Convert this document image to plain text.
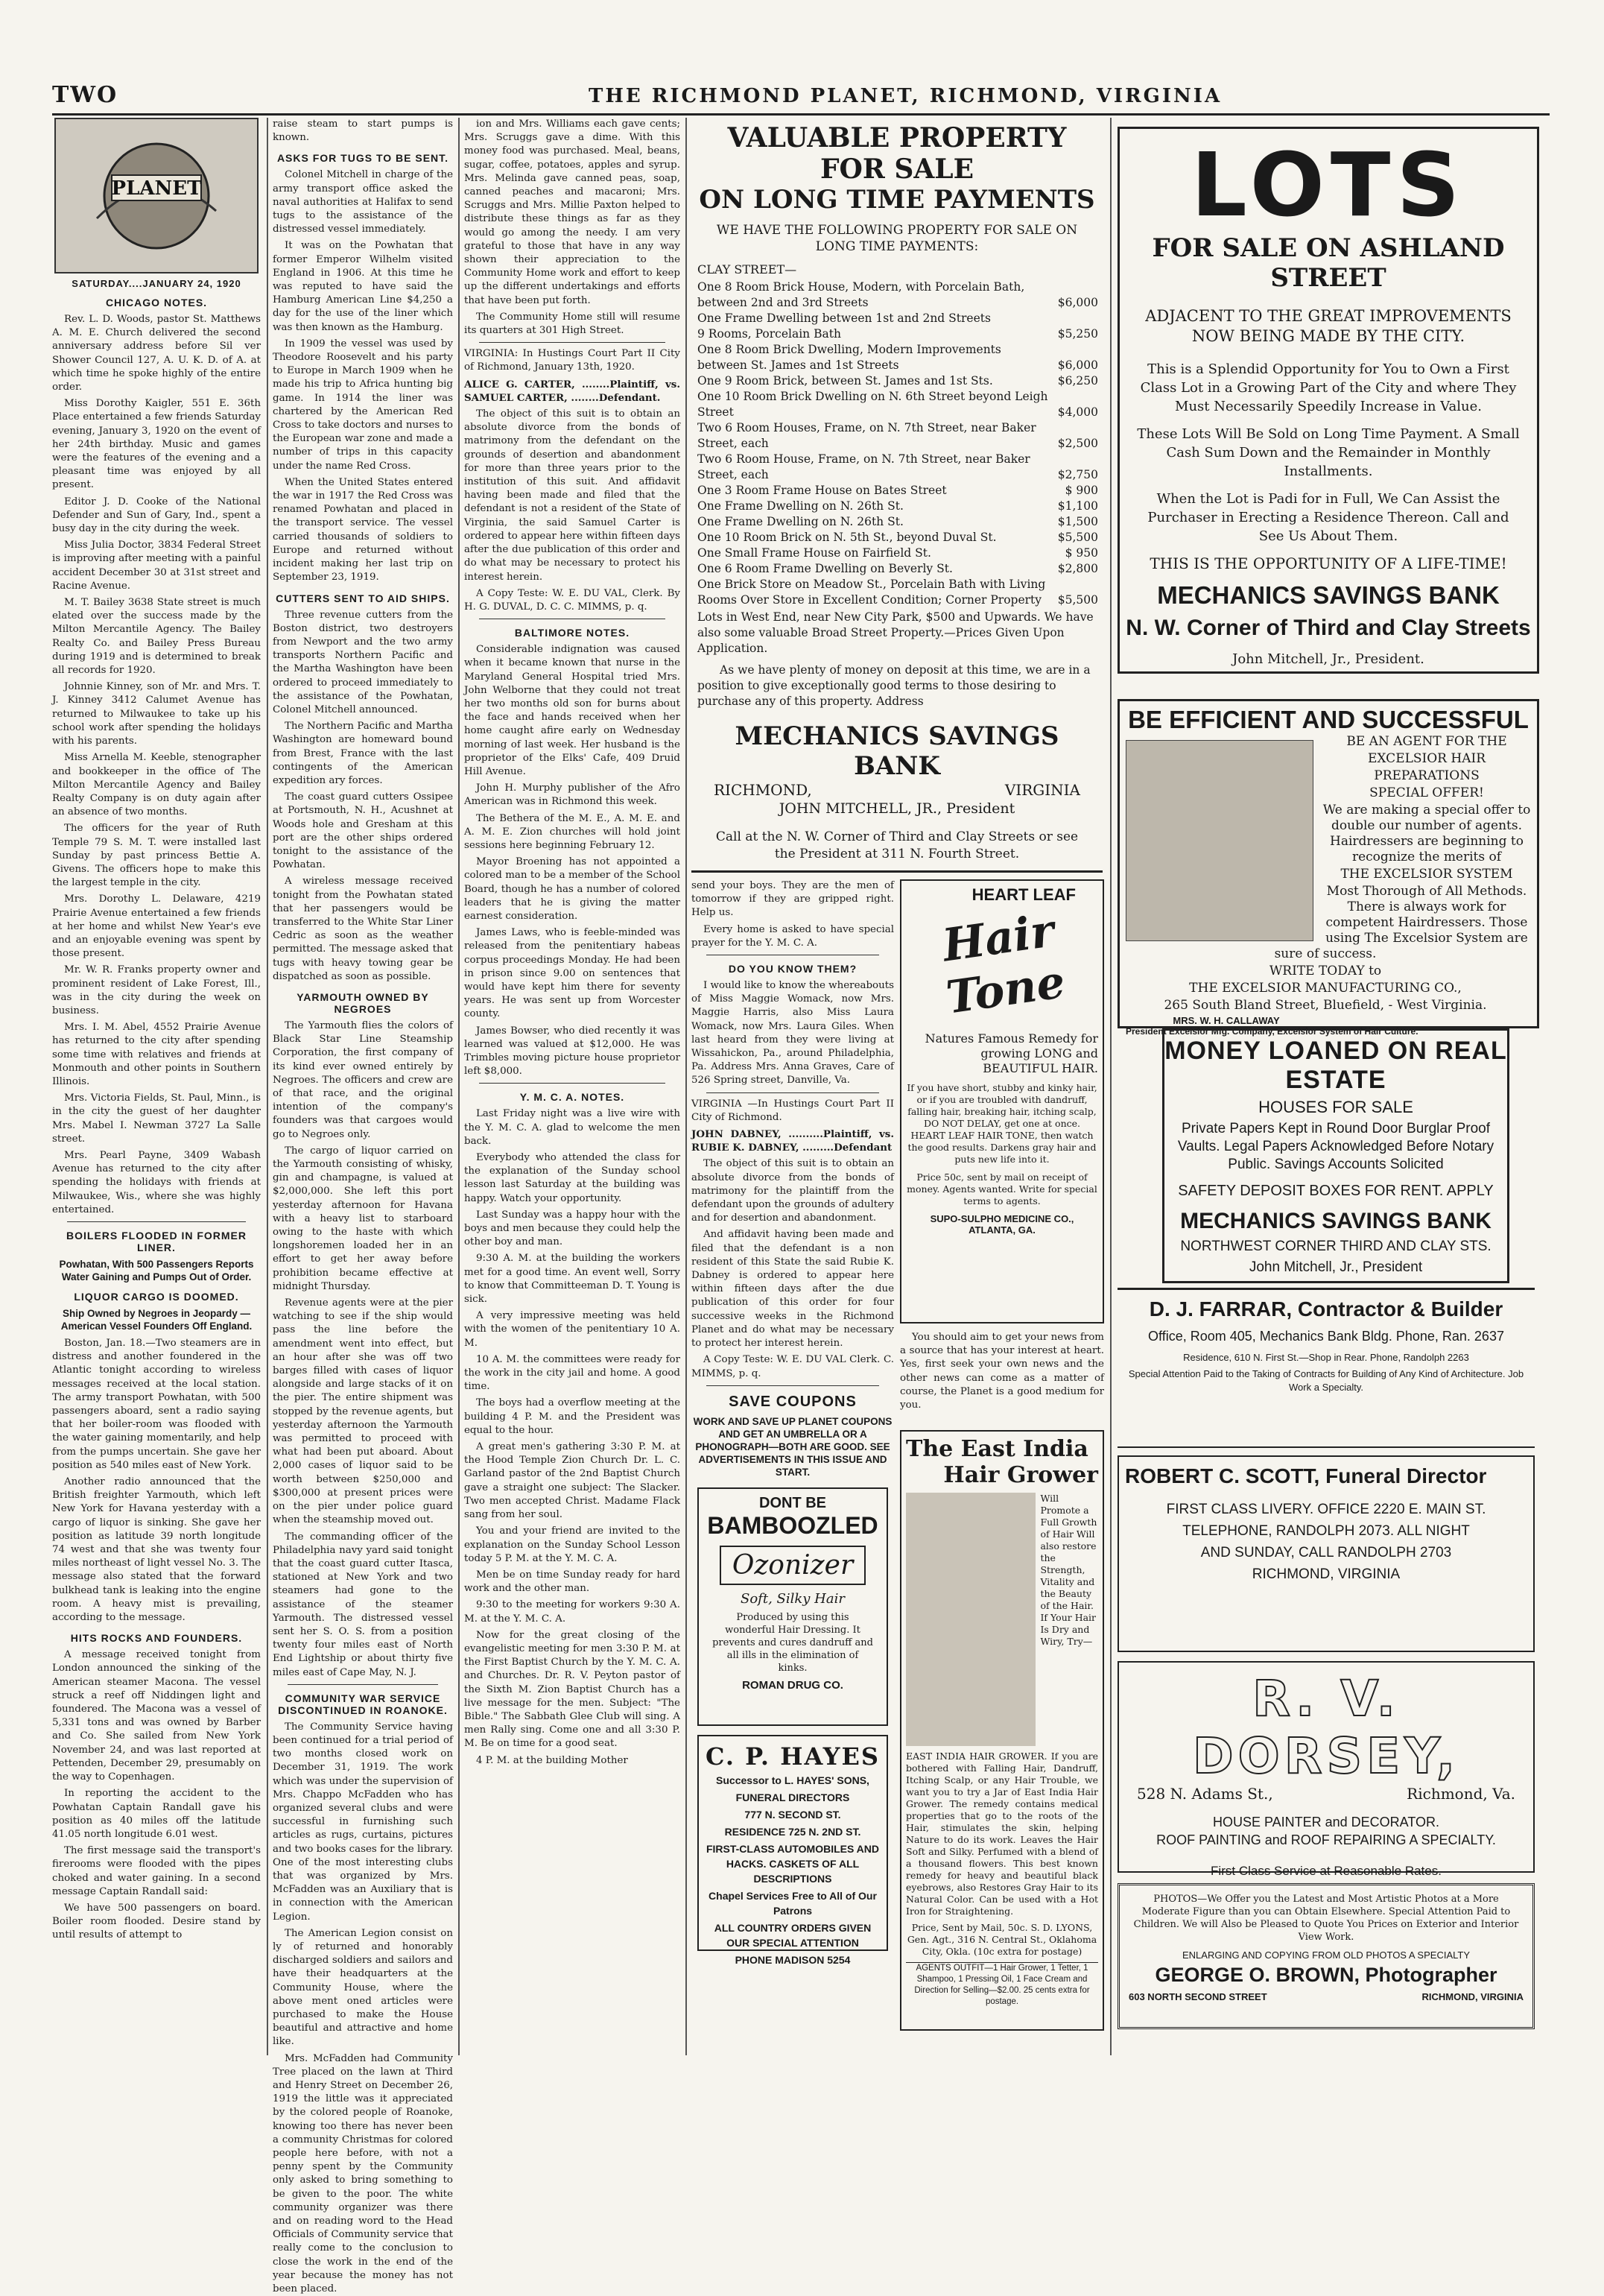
TWO	THE RICHMOND PLANET, RICHMOND, VIRGINIA
PLANET
SATURDAY....JANUARY 24, 1920
CHICAGO NOTES.

Rev. L. D. Woods, pastor St. Matthews A. M. E. Church delivered the second anniversary address before Sil ver Shower Council 127, A. U. K. D. of A. at which time he spoke highly of the entire order.

Miss Dorothy Kaigler, 551 E. 36th Place entertained a few friends Saturday evening, January 3, 1920 on the event of her 24th birthday. Music and games were the features of the evening and a pleasant time was enjoyed by all present.

Editor J. D. Cooke of the National Defender and Sun of Gary, Ind., spent a busy day in the city during the week.

Miss Julia Doctor, 3834 Federal Street is improving after meeting with a painful accident December 30 at 31st street and Racine Avenue.

M. T. Bailey 3638 State street is much elated over the success made by the Milton Mercantile Agency. The Bailey Realty Co. and Bailey Press Bureau during 1919 and is determined to break all records for 1920.

Johnnie Kinney, son of Mr. and Mrs. T. J. Kinney 3412 Calumet Avenue has returned to Milwaukee to take up his school work after spending the holidays with his parents.

Miss Arnella M. Keeble, stenographer and bookkeeper in the office of The Milton Mercantile Agency and Bailey Realty Company is on duty again after an absence of two months.

The officers for the year of Ruth Temple 79 S. M. T. were installed last Sunday by past princess Bettie A. Givens. The officers hope to make this the largest temple in the city.

Mrs. Dorothy L. Delaware, 4219 Prairie Avenue entertained a few friends at her home and whilst New Year's eve and an enjoyable evening was spent by those present.

Mr. W. R. Franks property owner and prominent resident of Lake Forest, Ill., was in the city during the week on business.

Mrs. I. M. Abel, 4552 Prairie Avenue has returned to the city after spending some time with relatives and friends at Monmouth and other points in Southern Illinois.

Mrs. Victoria Fields, St. Paul, Minn., is in the city the guest of her daughter Mrs. Mabel I. Newman 3727 La Salle street.

Mrs. Pearl Payne, 3409 Wabash Avenue has returned to the city after spending the holidays with friends at Milwaukee, Wis., where she was highly entertained.

BOILERS FLOODED IN FORMER LINER.
Powhatan, With 500 Passengers Reports Water Gaining and Pumps Out of Order.
LIQUOR CARGO IS DOOMED.
Ship Owned by Negroes in Jeopardy —American Vessel Founders Off England.

Boston, Jan. 18.—Two steamers are in distress and another foundered in the Atlantic tonight according to wireless messages received at the local station. The army transport Powhatan, with 500 passengers aboard, sent a radio saying that her boiler-room was flooded with the water gaining momentarily, and help from the pumps uncertain. She gave her position as 540 miles east of New York.

Another radio announced that the British freighter Yarmouth, which left New York for Havana yesterday with a cargo of liquor is sinking. She gave her position as latitude 39 north longitude 74 west and that she was twenty four miles northeast of light vessel No. 3. The message also stated that the forward bulkhead tank is leaking into the engine room. A heavy mist is prevailing, according to the message.

HITS ROCKS AND FOUNDERS.

A message received tonight from London announced the sinking of the American steamer Macona. The vessel struck a reef off Niddingen light and foundered. The Macona was a vessel of 5,331 tons and was owned by Barber and Co. She sailed from New York November 24, and was last reported at Pettenden, December 29, presumably on the way to Copenhagen.

In reporting the accident to the Powhatan Captain Randall gave his position as 40 miles off the latitude 41.05 north longitude 6.01 west.

The first message said the transport's firerooms were flooded with the pipes choked and water gaining. In a second message Captain Randall said:

We have 500 passengers on board. Boiler room flooded. Desire stand by until results of attempt to

raise steam to start pumps is known.

ASKS FOR TUGS TO BE SENT.

Colonel Mitchell in charge of the army transport office asked the naval authorities at Halifax to send tugs to the assistance of the distressed vessel immediately.

It was on the Powhatan that former Emperor Wilhelm visited England in 1906. At this time he was reputed to have said the Hamburg American Line $4,250 a day for the use of the liner which was then known as the Hamburg.

In 1909 the vessel was used by Theodore Roosevelt and his party to Europe in March 1909 when he made his trip to Africa hunting big game. In 1914 the liner was chartered by the American Red Cross to take doctors and nurses to the European war zone and made a number of trips in this capacity under the name Red Cross.

When the United States entered the war in 1917 the Red Cross was renamed Powhatan and placed in the transport service. The vessel carried thousands of soldiers to Europe and returned without incident making her last trip on September 23, 1919.

CUTTERS SENT TO AID SHIPS.

Three revenue cutters from the Boston district, two destroyers from Newport and the two army transports Northern Pacific and the Martha Washington have been ordered to proceed immediately to the assistance of the Powhatan, Colonel Mitchell announced.

The Northern Pacific and Martha Washington are homeward bound from Brest, France with the last contingents of the American expedition ary forces.

The coast guard cutters Ossipee at Portsmouth, N. H., Acushnet at Woods hole and Gresham at this port are the other ships ordered tonight to the assistance of the Powhatan.

A wireless message received tonight from the Powhatan stated that her passengers would be transferred to the White Star Liner Cedric as soon as the weather permitted. The message asked that tugs with heavy towing gear be dispatched as soon as possible.

YARMOUTH OWNED BY NEGROES

The Yarmouth flies the colors of Black Star Line Steamship Corporation, the first company of its kind ever owned entirely by Negroes. The officers and crew are of that race, and the original intention of the company's founders was that cargoes would go to Negroes only.

The cargo of liquor carried on the Yarmouth consisting of whisky, gin and champagne, is valued at $2,000,000. She left this port yesterday afternoon for Havana with a heavy list to starboard owing to the haste with which longshoremen loaded her in an effort to get her away before prohibition became effective at midnight Thursday.

Revenue agents were at the pier watching to see if the ship would pass the line before the amendment went into effect, but an hour after she was off two barges filled with cases of liquor alongside and large stacks of it on the pier. The entire shipment was stopped by the revenue agents, but yesterday afternoon the Yarmouth was permitted to proceed with what had been put aboard. About 2,000 cases of liquor said to be worth between $250,000 and $300,000 at present prices were on the pier under police guard when the steamship moved out.

The commanding officer of the Philadelphia navy yard said tonight that the coast guard cutter Itasca, stationed at New York and two steamers had gone to the assistance of the steamer Yarmouth. The distressed vessel sent her S. O. S. from a position twenty four miles east of North End Lightship or about thirty five miles east of Cape May, N. J.

COMMUNITY WAR SERVICE DISCONTINUED IN ROANOKE.

The Community Service having been continued for a trial period of two months closed work on December 31, 1919. The work which was under the supervision of Mrs. Chappo McFadden who has organized several clubs and were successful in furnishing such articles as rugs, curtains, pictures and two books cases for the library. One of the most interesting clubs that was organized by Mrs. McFadden was an Auxiliary that is in connection with the American Legion.

The American Legion consist on ly of returned and honorably discharged soldiers and sailors and have their headquarters at the Community House, where the above ment oned articles were purchased to make the House beautiful and attractive and home like.

Mrs. McFadden had Community Tree placed on the lawn at Third and Henry Street on December 26, 1919 the little was it appreciated by the colored people of Roanoke, knowing too there has never been a community Christmas for colored people here before, with not a penny spent by the Community only asked to bring something to be given to the poor. The white community organizer was there and on reading word to the Head Officials of Community service that really come to the conclusion to close the work in the end of the year because the money has not been placed.

ion and Mrs. Williams each gave cents; Mrs. Scruggs gave a dime. With this money food was purchased. Meal, beans, sugar, coffee, potatoes, apples and syrup. Mrs. Melinda gave canned peas, soap, canned peaches and macaroni; Mrs. Scruggs and Mrs. Millie Paxton helped to distribute these things as far as they would go among the needy. I am very grateful to those that have in any way shown their appreciation to the Community Home work and effort to keep up the different undertakings and efforts that have been put forth.

The Community Home still will resume its quarters at 301 High Street.

VIRGINIA: In Hustings Court Part II City of Richmond, January 13th, 1920.

ALICE G. CARTER, ........Plaintiff, vs. SAMUEL CARTER, ........Defendant.

The object of this suit is to obtain an absolute divorce from the bonds of matrimony from the defendant on the grounds of desertion and abandonment for more than three years prior to the institution of this suit. And affidavit having been made and filed that the defendant is not a resident of the State of Virginia, the said Samuel Carter is ordered to appear here within fifteen days after the due publication of this order and do what may be necessary to protect his interest herein.

A Copy Teste: W. E. DU VAL, Clerk. By H. G. DUVAL, D. C. C. MIMMS, p. q.

BALTIMORE NOTES.

Considerable indignation was caused when it became known that nurse in the Maryland General Hospital tried Mrs. John Welborne that they could not treat her two months old son for burns about the face and hands received when her home caught afire early on Wednesday morning of last week. Her husband is the proprietor of the Elks' Cafe, 409 Druid Hill Avenue.

John H. Murphy publisher of the Afro American was in Richmond this week.

The Bethera of the M. E., A. M. E. and A. M. E. Zion churches will hold joint sessions here beginning February 12.

Mayor Broening has not appointed a colored man to be a member of the School Board, though he has a number of colored leaders that he is giving the matter earnest consideration.

James Laws, who is feeble-minded was released from the penitentiary habeas corpus proceedings Monday. He had been in prison since 9.00 on sentences that would have kept him there for seventy years. He was sent up from Worcester county.

James Bowser, who died recently it was learned was valued at $12,000. He was Trimbles moving picture house proprietor left $8,000.

Y. M. C. A. NOTES.

Last Friday night was a live wire with the Y. M. C. A. glad to welcome the men back.

Everybody who attended the class for the explanation of the Sunday school lesson last Saturday at the building was happy. Watch your opportunity.

Last Sunday was a happy hour with the boys and men because they could help the other boy and man.

9:30 A. M. at the building the workers met for a good time. An event well, Sorry to know that Committeeman D. T. Young is sick.

A very impressive meeting was held with the women of the penitentiary 10 A. M.

10 A. M. the committees were ready for the work in the city jail and home. A good time.

The boys had a overflow meeting at the building 4 P. M. and the President was equal to the hour.

A great men's gathering 3:30 P. M. at the Hood Temple Zion Church Dr. L. C. Garland pastor of the 2nd Baptist Church gave a straight one subject: The Slacker. Two men accepted Christ. Madame Flack sang from her soul.

You and your friend are invited to the explanation on the Sunday School Lesson today 5 P. M. at the Y. M. C. A.

Men be on time Sunday ready for hard work and the other man.

9:30 to the meeting for workers 9:30 A. M. at the Y. M. C. A.

Now for the great closing of the evangelistic meeting for men 3:30 P. M. at the First Baptist Church by the Y. M. C. A. and Churches. Dr. R. V. Peyton pastor of the Sixth M. Zion Baptist Church has a live message for the men. Subject: "The Bible." The Sabbath Glee Club will sing. A men Rally sing. Come one and all 3:30 P. M. Be on time for a good seat.

4 P. M. at the building Mother

VALUABLE PROPERTY FOR SALE
ON LONG TIME PAYMENTS
WE HAVE THE FOLLOWING PROPERTY FOR SALE ON LONG TIME PAYMENTS:
CLAY STREET—
One 8 Room Brick House, Modern, with Porcelain Bath, between 2nd and 3rd Streets	$6,000
One Frame Dwelling between 1st and 2nd Streets
9 Rooms, Porcelain Bath	$5,250
One 8 Room Brick Dwelling, Modern Improvements between St. James and 1st Streets	$6,000
One 9 Room Brick, between St. James and 1st Sts.	$6,250
One 10 Room Brick Dwelling on N. 6th Street beyond Leigh Street	$4,000
Two 6 Room Houses, Frame, on N. 7th Street, near Baker Street, each	$2,500
Two 6 Room House, Frame, on N. 7th Street, near Baker Street, each	$2,750
One 3 Room Frame House on Bates Street	$ 900
One Frame Dwelling on N. 26th St.	$1,100
One Frame Dwelling on N. 26th St.	$1,500
One 10 Room Brick on N. 5th St., beyond Duval St.	$5,500
One Small Frame House on Fairfield St.	$ 950
One 6 Room Frame Dwelling on Beverly St.	$2,800
One Brick Store on Meadow St., Porcelain Bath with Living Rooms Over Store in Excellent Condition; Corner Property	$5,500
Lots in West End, near New City Park, $500 and Upwards. We have also some valuable Broad Street Property.—Prices Given Upon Application.
As we have plenty of money on deposit at this time, we are in a position to give exceptionally good terms to those desiring to purchase any of this property. Address
MECHANICS SAVINGS BANK
RICHMOND,	VIRGINIA
JOHN MITCHELL, JR., President
Call at the N. W. Corner of Third and Clay Streets or see the President at 311 N. Fourth Street.

send your boys. They are the men of tomorrow if they are gripped right. Help us.

Every home is asked to have special prayer for the Y. M. C. A.

DO YOU KNOW THEM?

I would like to know the whereabouts of Miss Maggie Womack, now Mrs. Maggie Harris, also Miss Laura Womack, now Mrs. Laura Giles. When last heard from they were living at Wissahickon, Pa., around Philadelphia, Pa. Address Mrs. Anna Graves, Care of 526 Spring street, Danville, Va.

VIRGINIA —In Hustings Court Part II City of Richmond.

JOHN DABNEY, ..........Plaintiff, vs. RUBIE K. DABNEY, .........Defendant

The object of this suit is to obtain an absolute divorce from the bonds of matrimony for the plaintiff from the defendant upon the grounds of adultery and for desertion and abandonment.

And affidavit having been made and filed that the defendant is a non resident of this State the said Rubie K. Dabney is ordered to appear here within fifteen days after the due publication of this order for four successive weeks in the Richmond Planet and do what may be necessary to protect her interest herein.

A Copy Teste: W. E. DU VAL Clerk. C. MIMMS, p. q.

SAVE COUPONS
WORK AND SAVE UP PLANET COUPONS AND GET AN UMBRELLA OR A PHONOGRAPH—BOTH ARE GOOD. SEE ADVERTISEMENTS IN THIS ISSUE AND START.
DONT BE
BAMBOOZLED
Ozonizer
Soft, Silky Hair
Produced by using this wonderful Hair Dressing. It prevents and cures dandruff and all ills in the elimination of kinks.
ROMAN DRUG CO.
C. P. HAYES
Successor to L. HAYES' SONS,
FUNERAL DIRECTORS
777 N. SECOND ST.
RESIDENCE 725 N. 2ND ST.
FIRST-CLASS AUTOMOBILES AND HACKS. CASKETS OF ALL DESCRIPTIONS
Chapel Services Free to All of Our Patrons
ALL COUNTRY ORDERS GIVEN OUR SPECIAL ATTENTION
PHONE MADISON 5254
HEART LEAF
Hair Tone
Natures Famous Remedy for growing LONG and BEAUTIFUL HAIR.
If you have short, stubby and kinky hair, or if you are troubled with dandruff, falling hair, breaking hair, itching scalp, DO NOT DELAY, get one at once. HEART LEAF HAIR TONE, then watch the good results. Darkens gray hair and puts new life into it.
Price 50c, sent by mail on receipt of money. Agents wanted. Write for special terms to agents.
SUPO-SULPHO MEDICINE CO., ATLANTA, GA.

You should aim to get your news from a source that has your interest at heart. Yes, first seek your own news and the other news can come as a matter of course, the Planet is a good medium for you.

The East India
Hair Grower
Will Promote a Full Growth of Hair Will also restore the Strength, Vitality and the Beauty of the Hair. If Your Hair Is Dry and Wiry, Try—
EAST INDIA HAIR GROWER. If you are bothered with Falling Hair, Dandruff, Itching Scalp, or any Hair Trouble, we want you to try a Jar of East India Hair Grower. The remedy contains medical properties that go to the roots of the Hair, stimulates the skin, helping Nature to do its work. Leaves the Hair Soft and Silky. Perfumed with a blend of a thousand flowers. This best known remedy for heavy and beautiful black eyebrows, also Restores Gray Hair to its Natural Color. Can be used with a Hot Iron for Straightening.
Price, Sent by Mail, 50c. S. D. LYONS, Gen. Agt., 316 N. Central St., Oklahoma City, Okla. (10c extra for postage)
AGENTS OUTFIT—1 Hair Grower, 1 Tetter, 1 Shampoo, 1 Pressing Oil, 1 Face Cream and Direction for Selling—$2.00. 25 cents extra for postage.
LOTS
FOR SALE ON ASHLAND STREET
ADJACENT TO THE GREAT IMPROVEMENTS NOW BEING MADE BY THE CITY.
This is a Splendid Opportunity for You to Own a First Class Lot in a Growing Part of the City and where They Must Necessarily Speedily Increase in Value.
These Lots Will Be Sold on Long Time Payment. A Small Cash Sum Down and the Remainder in Monthly Installments.
When the Lot is Padi for in Full, We Can Assist the Purchaser in Erecting a Residence Thereon. Call and See Us About Them.
THIS IS THE OPPORTUNITY OF A LIFE-TIME!
MECHANICS SAVINGS BANK
N. W. Corner of Third and Clay Streets
John Mitchell, Jr., President.
BE EFFICIENT AND SUCCESSFUL
BE AN AGENT FOR THE
EXCELSIOR HAIR
PREPARATIONS
SPECIAL OFFER!
We are making a special offer to double our number of agents. Hairdressers are beginning to recognize the merits of
THE EXCELSIOR SYSTEM
Most Thorough of All Methods. There is always work for competent Hairdressers. Those using The Excelsior System are sure of success.
WRITE TODAY to
THE EXCELSIOR MANUFACTURING CO.,
265 South Bland Street, Bluefield, - West Virginia.
MRS. W. H. CALLAWAY
President Excelsior Mfg. Company, Excelsior System of Hair Culture.
MONEY LOANED ON REAL ESTATE
HOUSES FOR SALE
Private Papers Kept in Round Door Burglar Proof Vaults. Legal Papers Acknowledged Before Notary Public. Savings Accounts Solicited
SAFETY DEPOSIT BOXES FOR RENT. APPLY
MECHANICS SAVINGS BANK
NORTHWEST CORNER THIRD AND CLAY STS.
John Mitchell, Jr., President
D. J. FARRAR, Contractor & Builder
Office, Room 405, Mechanics Bank Bldg. Phone, Ran. 2637
Residence, 610 N. First St.—Shop in Rear. Phone, Randolph 2263
Special Attention Paid to the Taking of Contracts for Building of Any Kind of Architecture. Job Work a Specialty.
ROBERT C. SCOTT, Funeral Director
FIRST CLASS LIVERY. OFFICE 2220 E. MAIN ST.
TELEPHONE, RANDOLPH 2073. ALL NIGHT
AND SUNDAY, CALL RANDOLPH 2703
RICHMOND, VIRGINIA
R. V. DORSEY,
528 N. Adams St.,	Richmond, Va.
HOUSE PAINTER and DECORATOR.
ROOF PAINTING and ROOF REPAIRING A SPECIALTY.
First Class Service at Reasonable Rates.
PHOTOS—We Offer you the Latest and Most Artistic Photos at a More Moderate Figure than you can Obtain Elsewhere. Special Attention Paid to Children. We will Also be Pleased to Quote You Prices on Exterior and Interior View Work.
ENLARGING AND COPYING FROM OLD PHOTOS A SPECIALTY
GEORGE O. BROWN, Photographer
603 NORTH SECOND STREET	RICHMOND, VIRGINIA
